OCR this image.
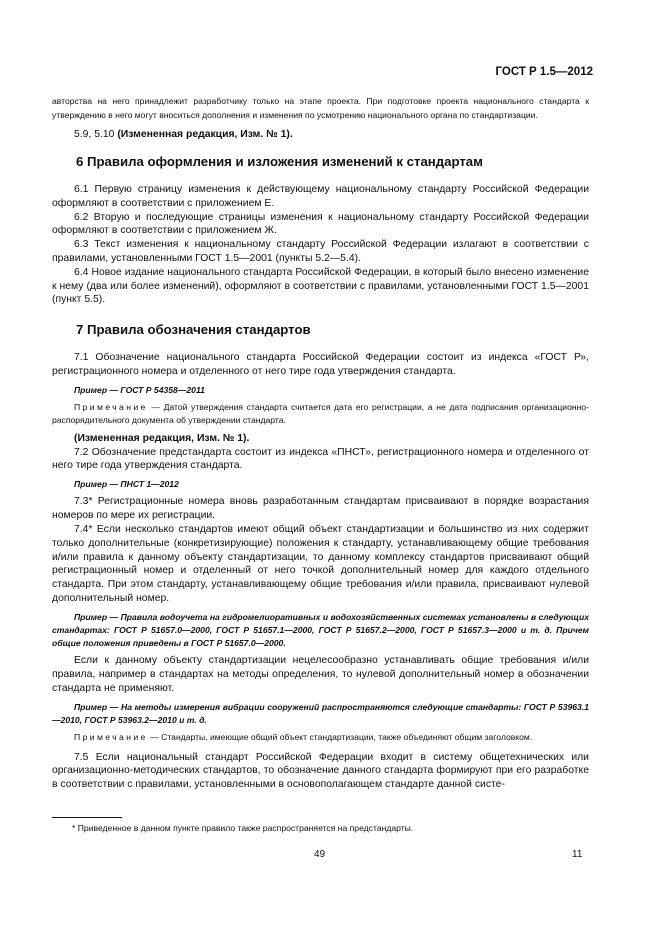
ГОСТ Р 1.5—2012

авторства на него принадлежит разработчику только на этапе проекта. При подготовке проекта национального стандарта к утверждению в него могут вноситься дополнения и изменения по усмотрению национального органа по стандартизации.

5.9, 5.10 (Измененная редакция, Изм. № 1).

6 Правила оформления и изложения изменений к стандартам

6.1 Первую страницу изменения к действующему национальному стандарту Российской Федерации оформляют в соответствии с приложением Е.

6.2 Вторую и последующие страницы изменения к национальному стандарту Российской Федерации оформляют в соответствии с приложением Ж.

6.3 Текст изменения к национальному стандарту Российской Федерации излагают в соответствии с правилами, установленными ГОСТ 1.5—2001 (пункты 5.2—5.4).

6.4 Новое издание национального стандарта Российской Федерации, в который было внесено изменение к нему (два или более изменений), оформляют в соответствии с правилами, установленными ГОСТ 1.5—2001 (пункт 5.5).

7 Правила обозначения стандартов

7.1 Обозначение национального стандарта Российской Федерации состоит из индекса «ГОСТ Р», регистрационного номера и отделенного от него тире года утверждения стандарта.

Пример — ГОСТ Р 54358—2011

Примечание — Датой утверждения стандарта считается дата его регистрации, а не дата подписания организационно-распорядительного документа об утверждении стандарта.

(Измененная редакция, Изм. № 1).

7.2 Обозначение предстандарта состоит из индекса «ПНСТ», регистрационного номера и отделенного от него тире года утверждения стандарта.

Пример — ПНСТ 1—2012

7.3* Регистрационные номера вновь разработанным стандартам присваивают в порядке возрастания номеров по мере их регистрации.

7.4* Если несколько стандартов имеют общий объект стандартизации и большинство из них содержит только дополнительные (конкретизирующие) положения к стандарту, устанавливающему общие требования и/или правила к данному объекту стандартизации, то данному комплексу стандартов присваивают общий регистрационный номер и отделенный от него точкой дополнительный номер для каждого отдельного стандарта. При этом стандарту, устанавливающему общие требования и/или правила, присваивают нулевой дополнительный номер.

Пример — Правила водоучета на гидромелиоративных и водохозяйственных системах установлены в следующих стандартах: ГОСТ Р 51657.0—2000, ГОСТ Р 51657.1—2000, ГОСТ Р 51657.2—2000, ГОСТ Р 51657.3—2000 и т. д. Причем общие положения приведены в ГОСТ Р 51657.0—2000.

Если к данному объекту стандартизации нецелесообразно устанавливать общие требования и/или правила, например в стандартах на методы определения, то нулевой дополнительный номер в обозначении стандарта не применяют.

Пример — На методы измерения вибрации сооружений распространяются следующие стандарты: ГОСТ Р 53963.1—2010, ГОСТ Р 53963.2—2010 и т. д.

Примечание — Стандарты, имеющие общий объект стандартизации, также объединяют общим заголовком.

7.5 Если национальный стандарт Российской Федерации входит в систему общетехнических или организационно-методических стандартов, то обозначение данного стандарта формируют при его разработке в соответствии с правилами, установленными в основополагающем стандарте данной систе-

* Приведенное в данном пункте правило также распространяется на предстандарты.
49	11
